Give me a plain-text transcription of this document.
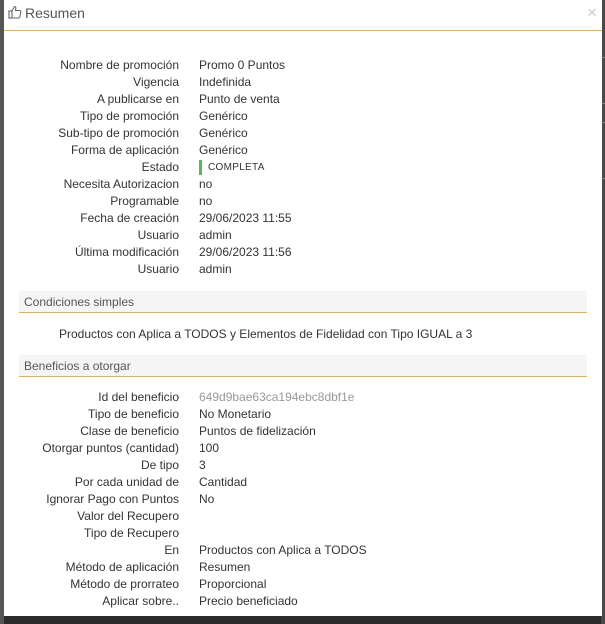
Resumen	×
Nombre de promoción Promo 0 Puntos
Vigencia Indefinida
A publicarse en Punto de venta
Tipo de promoción Genérico
Sub-tipo de promoción Genérico
Forma de aplicación Genérico
Estado	COMPLETA
Necesita Autorizacion no
Programable no
Fecha de creación 29/06/2023 11:55
Usuario admin
Última modificación 29/06/2023 11:56
Usuario admin
Condiciones simples
Productos con Aplica a TODOS y Elementos de Fidelidad con Tipo IGUAL a 3
Beneficios a otorgar
Id del beneficio 649d9bae63ca194ebc8dbf1e
Tipo de beneficio No Monetario
Clase de beneficio Puntos de fidelización
Otorgar puntos (cantidad) 100
De tipo 3
Por cada unidad de Cantidad
Ignorar Pago con Puntos No
Valor del Recupero
Tipo de Recupero
En Productos con Aplica a TODOS
Método de aplicación Resumen
Método de prorrateo Proporcional
Aplicar sobre.. Precio beneficiado
